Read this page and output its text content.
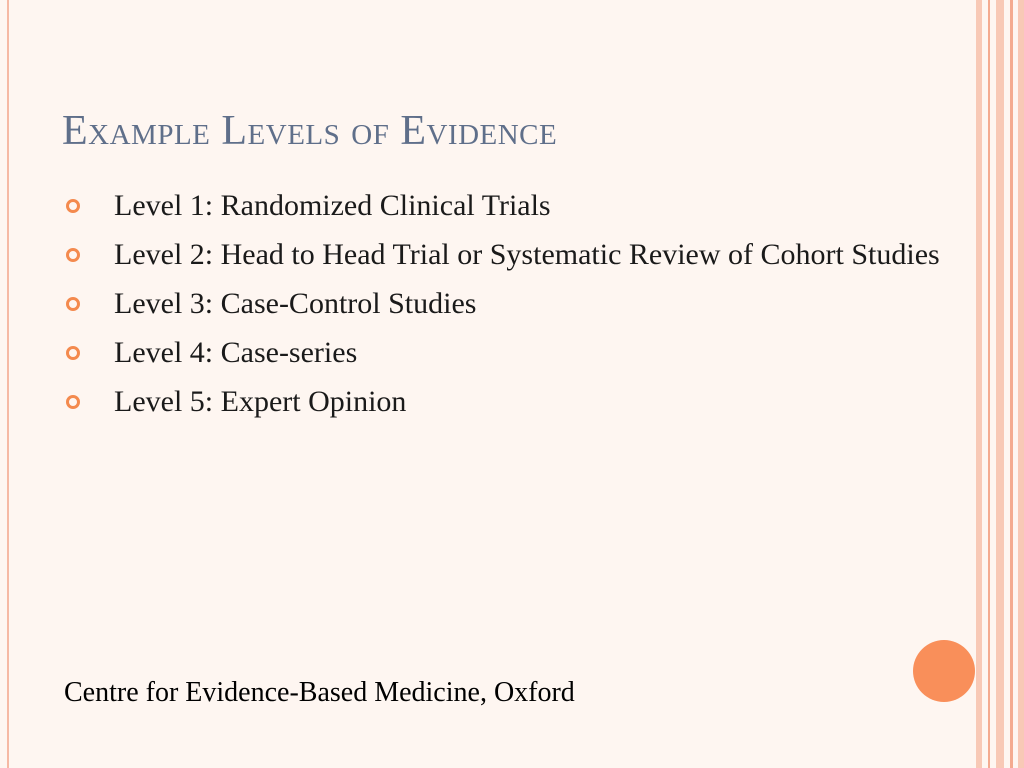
Example Levels of Evidence
Level 1: Randomized Clinical Trials
Level 2: Head to Head Trial or Systematic Review of Cohort Studies
Level 3: Case-Control Studies
Level 4: Case-series
Level 5: Expert Opinion
Centre for Evidence-Based Medicine, Oxford
